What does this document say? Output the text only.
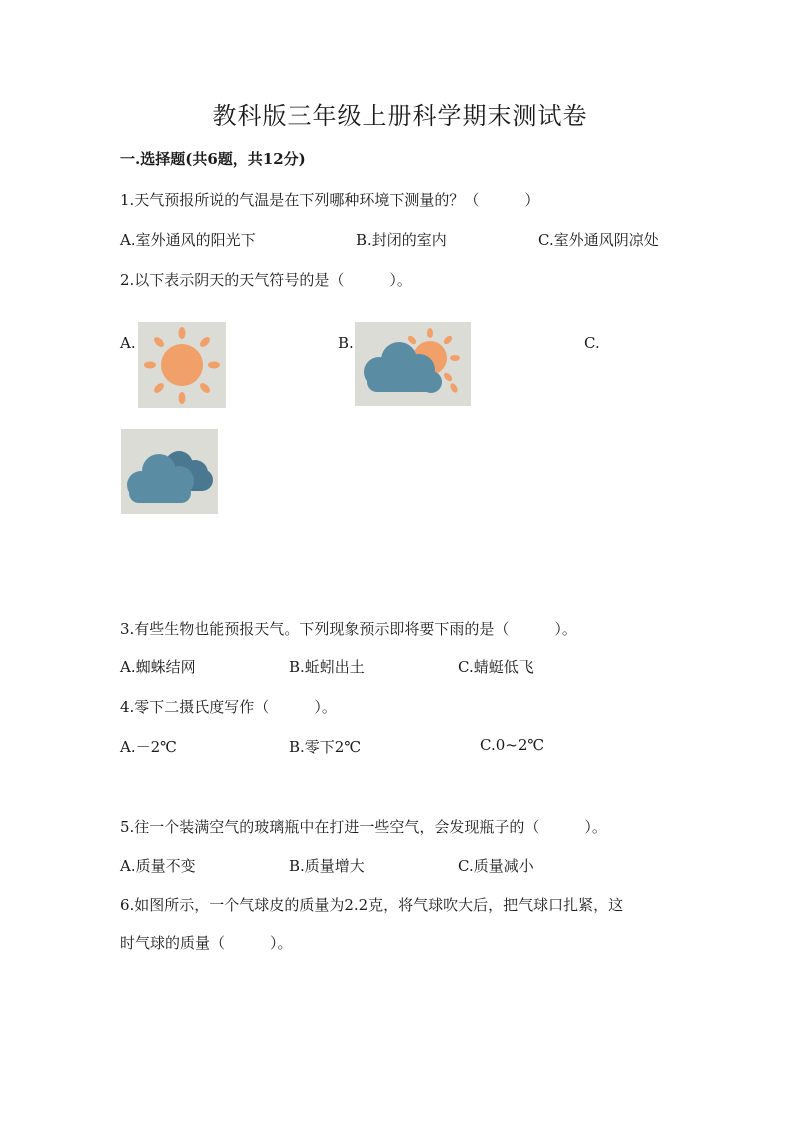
教科版三年级上册科学期末测试卷
一.选择题(共6题，共12分)
1.天气预报所说的气温是在下列哪种环境下测量的？（　　　）
A.室外通风的阳光下	B.封闭的室内	C.室外通风阴凉处
2.以下表示阴天的天气符号的是（　　　）。
A.	B.	C.
3.有些生物也能预报天气。下列现象预示即将要下雨的是（　　　）。
A.蜘蛛结网	B.蚯蚓出土	C.蜻蜓低飞
4.零下二摄氏度写作（　　　）。
A.－2℃	B.零下2℃	C.0~2℃
5.往一个装满空气的玻璃瓶中在打进一些空气，会发现瓶子的（　　　）。
A.质量不变	B.质量增大	C.质量减小
6.如图所示，一个气球皮的质量为2.2克，将气球吹大后，把气球口扎紧，这
时气球的质量（　　　）。
